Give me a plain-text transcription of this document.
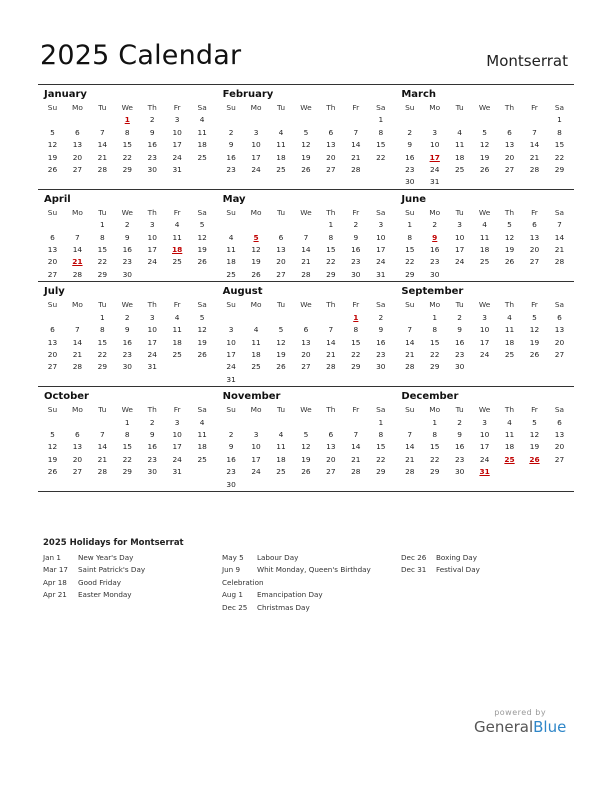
2025 Calendar	Montserrat
January
Su	Mo	Tu	We	Th	Fr	Sa
			1	2	3	4
5	6	7	8	9	10	11
12	13	14	15	16	17	18
19	20	21	22	23	24	25
26	27	28	29	30	31	

February
Su	Mo	Tu	We	Th	Fr	Sa
						1
2	3	4	5	6	7	8
9	10	11	12	13	14	15
16	17	18	19	20	21	22
23	24	25	26	27	28	

March
Su	Mo	Tu	We	Th	Fr	Sa
						1
2	3	4	5	6	7	8
9	10	11	12	13	14	15
16	17	18	19	20	21	22
23	24	25	26	27	28	29
30	31					
April
Su	Mo	Tu	We	Th	Fr	Sa
		1	2	3	4	5
6	7	8	9	10	11	12
13	14	15	16	17	18	19
20	21	22	23	24	25	26
27	28	29	30			
May
Su	Mo	Tu	We	Th	Fr	Sa
				1	2	3
4	5	6	7	8	9	10
11	12	13	14	15	16	17
18	19	20	21	22	23	24
25	26	27	28	29	30	31
June
Su	Mo	Tu	We	Th	Fr	Sa
1	2	3	4	5	6	7
8	9	10	11	12	13	14
15	16	17	18	19	20	21
22	23	24	25	26	27	28
29	30					
July
Su	Mo	Tu	We	Th	Fr	Sa
		1	2	3	4	5
6	7	8	9	10	11	12
13	14	15	16	17	18	19
20	21	22	23	24	25	26
27	28	29	30	31		

August
Su	Mo	Tu	We	Th	Fr	Sa
					1	2
3	4	5	6	7	8	9
10	11	12	13	14	15	16
17	18	19	20	21	22	23
24	25	26	27	28	29	30
31						
September
Su	Mo	Tu	We	Th	Fr	Sa
	1	2	3	4	5	6
7	8	9	10	11	12	13
14	15	16	17	18	19	20
21	22	23	24	25	26	27
28	29	30				

October
Su	Mo	Tu	We	Th	Fr	Sa
			1	2	3	4
5	6	7	8	9	10	11
12	13	14	15	16	17	18
19	20	21	22	23	24	25
26	27	28	29	30	31	

November
Su	Mo	Tu	We	Th	Fr	Sa
						1
2	3	4	5	6	7	8
9	10	11	12	13	14	15
16	17	18	19	20	21	22
23	24	25	26	27	28	29
30						
December
Su	Mo	Tu	We	Th	Fr	Sa
	1	2	3	4	5	6
7	8	9	10	11	12	13
14	15	16	17	18	19	20
21	22	23	24	25	26	27
28	29	30	31			

2025 Holidays for Montserrat
Jan 1 New Year's Day
Mar 17 Saint Patrick's Day
Apr 18 Good Friday
Apr 21 Easter Monday
May 5 Labour Day
Jun 9 Whit Monday, Queen's Birthday
Celebration
Aug 1 Emancipation Day
Dec 25 Christmas Day
Dec 26 Boxing Day
Dec 31 Festival Day
powered by
GeneralBlue
